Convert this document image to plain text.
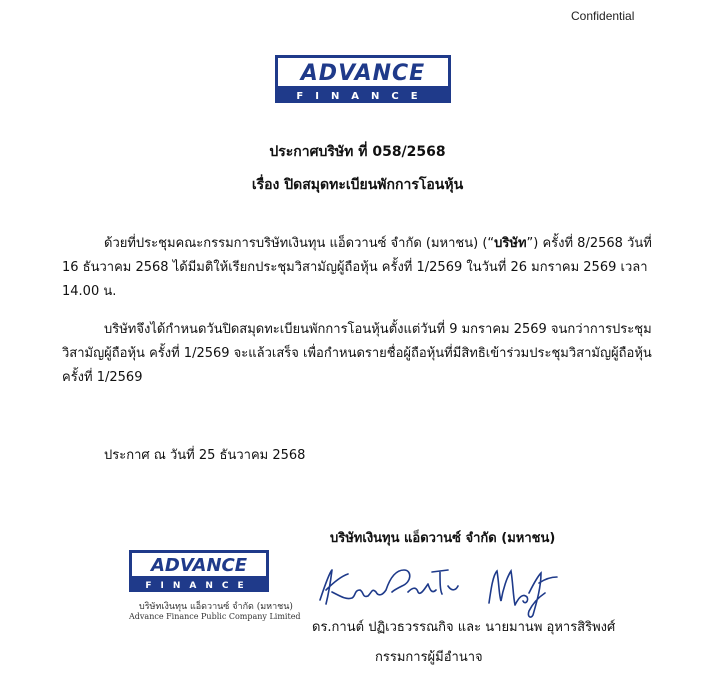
Confidential
ADVANCE
FINANCE
ประกาศบริษัท ที่ 058/2568
เรื่อง ปิดสมุดทะเบียนพักการโอนหุ้น
ด้วยที่ประชุมคณะกรรมการบริษัทเงินทุน แอ็ดวานซ์ จำกัด (มหาชน) (“บริษัท”) ครั้งที่ 8/2568 วันที่
16 ธันวาคม 2568 ได้มีมติให้เรียกประชุมวิสามัญผู้ถือหุ้น ครั้งที่ 1/2569 ในวันที่ 26 มกราคม 2569 เวลา
14.00 น.
บริษัทจึงได้กำหนดวันปิดสมุดทะเบียนพักการโอนหุ้นตั้งแต่วันที่ 9 มกราคม 2569 จนกว่าการประชุม
วิสามัญผู้ถือหุ้น ครั้งที่ 1/2569 จะแล้วเสร็จ เพื่อกำหนดรายชื่อผู้ถือหุ้นที่มีสิทธิเข้าร่วมประชุมวิสามัญผู้ถือหุ้น
ครั้งที่ 1/2569
ประกาศ ณ วันที่ 25 ธันวาคม 2568
บริษัทเงินทุน แอ็ดวานซ์ จำกัด (มหาชน)
ADVANCE
FINANCE
บริษัทเงินทุน แอ็ดวานซ์ จำกัด (มหาชน)
Advance Finance Public Company Limited
ดร.กานต์ ปฏิเวธวรรณกิจ และ นายมานพ อุหารสิริพงศ์
กรรมการผู้มีอำนาจ
